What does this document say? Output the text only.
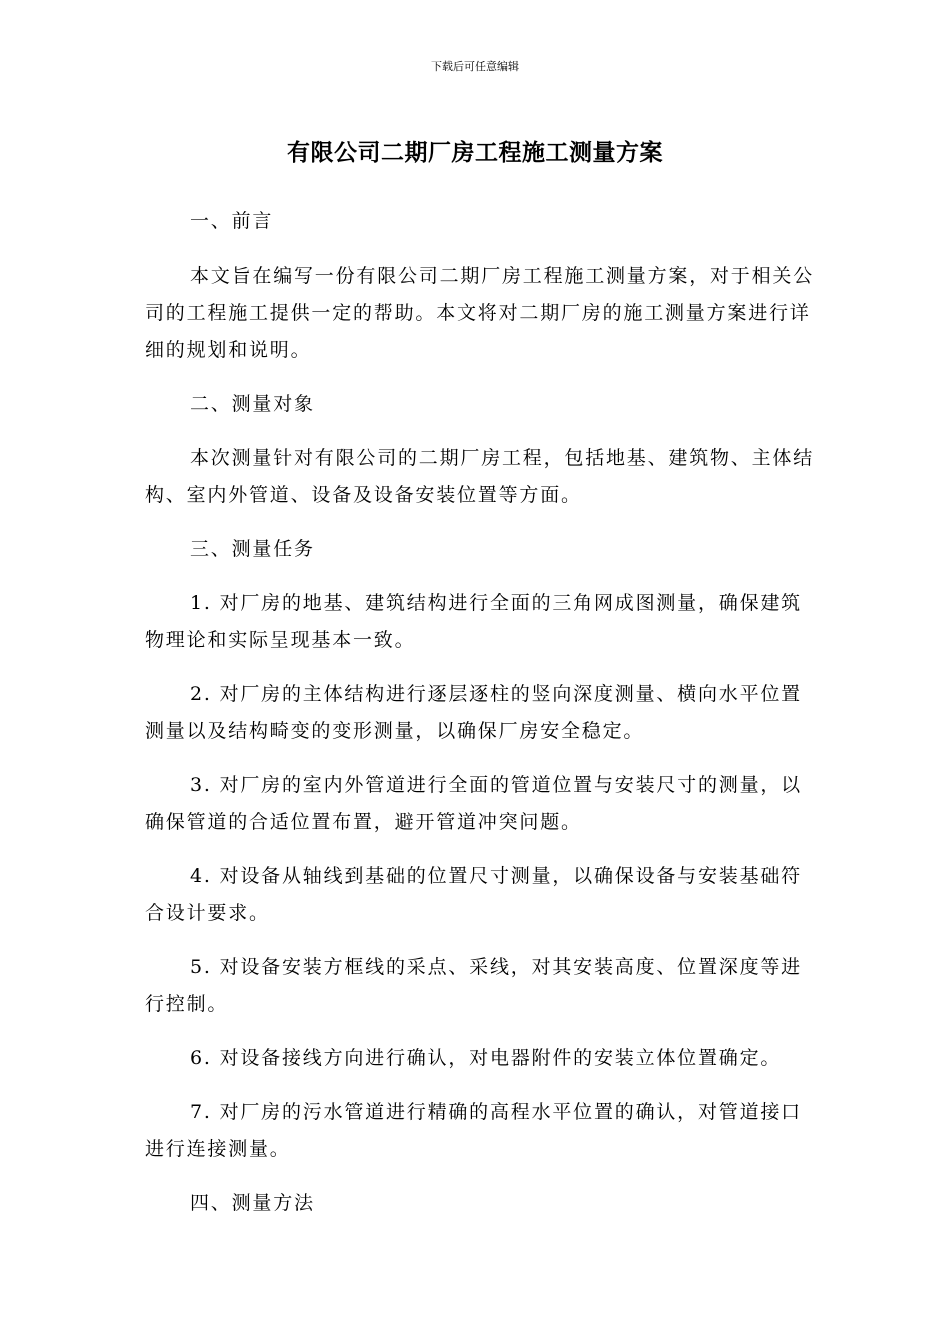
下载后可任意编辑
有限公司二期厂房工程施工测量方案

一、前言

本文旨在编写一份有限公司二期厂房工程施工测量方案，对于相关公司的工程施工提供一定的帮助。本文将对二期厂房的施工测量方案进行详细的规划和说明。

二、测量对象

本次测量针对有限公司的二期厂房工程，包括地基、建筑物、主体结构、室内外管道、设备及设备安装位置等方面。

三、测量任务

1. 对厂房的地基、建筑结构进行全面的三角网成图测量，确保建筑物理论和实际呈现基本一致。

2. 对厂房的主体结构进行逐层逐柱的竖向深度测量、横向水平位置测量以及结构畸变的变形测量，以确保厂房安全稳定。

3. 对厂房的室内外管道进行全面的管道位置与安装尺寸的测量，以确保管道的合适位置布置，避开管道冲突问题。

4. 对设备从轴线到基础的位置尺寸测量，以确保设备与安装基础符合设计要求。

5. 对设备安装方框线的采点、采线，对其安装高度、位置深度等进行控制。

6. 对设备接线方向进行确认，对电器附件的安装立体位置确定。

7. 对厂房的污水管道进行精确的高程水平位置的确认，对管道接口进行连接测量。

四、测量方法
